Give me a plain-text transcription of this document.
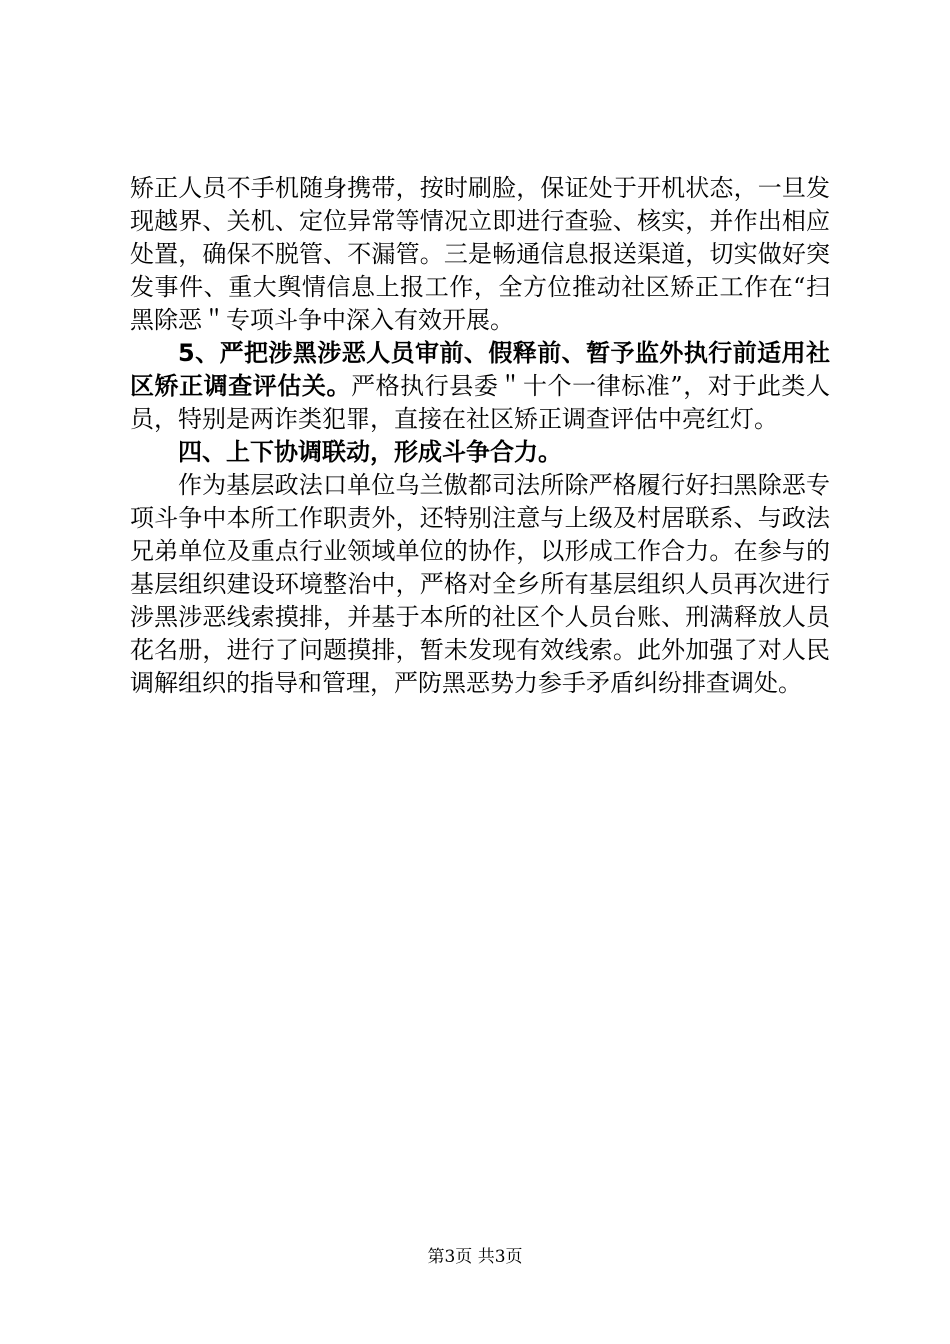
矫正人员不手机随身携带，按时刷脸，保证处于开机状态，一旦发现越界、关机、定位异常等情况立即进行查验、核实，并作出相应处置，确保不脱管、不漏管。三是畅通信息报送渠道，切实做好突发事件、重大舆情信息上报工作，全方位推动社区矫正工作在“扫黑除恶＂专项斗争中深入有效开展。

5、严把涉黑涉恶人员审前、假释前、暂予监外执行前适用社区矫正调查评估关。严格执行县委＂十个一律标准”，对于此类人员，特别是两诈类犯罪，直接在社区矫正调查评估中亮红灯。

四、上下协调联动，形成斗争合力。

作为基层政法口单位乌兰傲都司法所除严格履行好扫黑除恶专项斗争中本所工作职责外，还特别注意与上级及村居联系、与政法兄弟单位及重点行业领域单位的协作，以形成工作合力。在参与的基层组织建设环境整治中，严格对全乡所有基层组织人员再次进行涉黑涉恶线索摸排，并基于本所的社区个人员台账、刑满释放人员花名册，进行了问题摸排，暂未发现有效线索。此外加强了对人民调解组织的指导和管理，严防黑恶势力参手矛盾纠纷排查调处。

第3页 共3页
